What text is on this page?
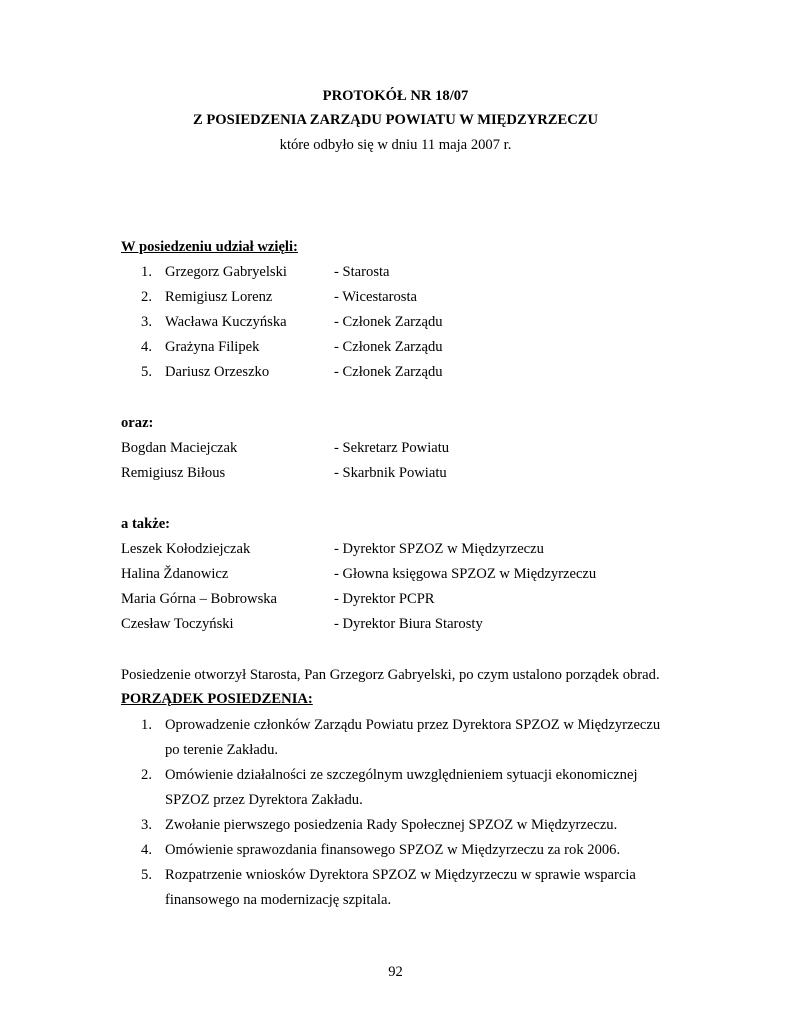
PROTOKÓŁ NR 18/07
Z POSIEDZENIA ZARZĄDU POWIATU W MIĘDZYRZECZU
które odbyło się w dniu 11 maja 2007 r.
W posiedzeniu udział wzięli:
1. Grzegorz Gabryelski	- Starosta
2. Remigiusz Lorenz	- Wicestarosta
3. Wacława Kuczyńska	- Członek Zarządu
4. Grażyna Filipek	- Członek Zarządu
5. Dariusz Orzeszko	- Członek Zarządu
oraz:
Bogdan Maciejczak	- Sekretarz Powiatu
Remigiusz Biłous	- Skarbnik Powiatu
a także:
Leszek Kołodziejczak	- Dyrektor SPZOZ w Międzyrzeczu
Halina Ždanowicz	- Głowna księgowa SPZOZ w Międzyrzeczu
Maria Górna – Bobrowska	- Dyrektor PCPR
Czesław Toczyński	- Dyrektor Biura Starosty
Posiedzenie otworzył Starosta, Pan Grzegorz Gabryelski, po czym ustalono porządek obrad.
PORZĄDEK POSIEDZENIA:
1. Oprowadzenie członków Zarządu Powiatu przez Dyrektora SPZOZ w Międzyrzeczu
po terenie Zakładu.
2. Omówienie działalności ze szczególnym uwzględnieniem sytuacji ekonomicznej
SPZOZ przez Dyrektora Zakładu.
3. Zwołanie pierwszego posiedzenia Rady Społecznej SPZOZ w Międzyrzeczu.
4. Omówienie sprawozdania finansowego SPZOZ w Międzyrzeczu za rok 2006.
5. Rozpatrzenie wniosków Dyrektora SPZOZ w Międzyrzeczu w sprawie wsparcia
finansowego na modernizację szpitala.
92
